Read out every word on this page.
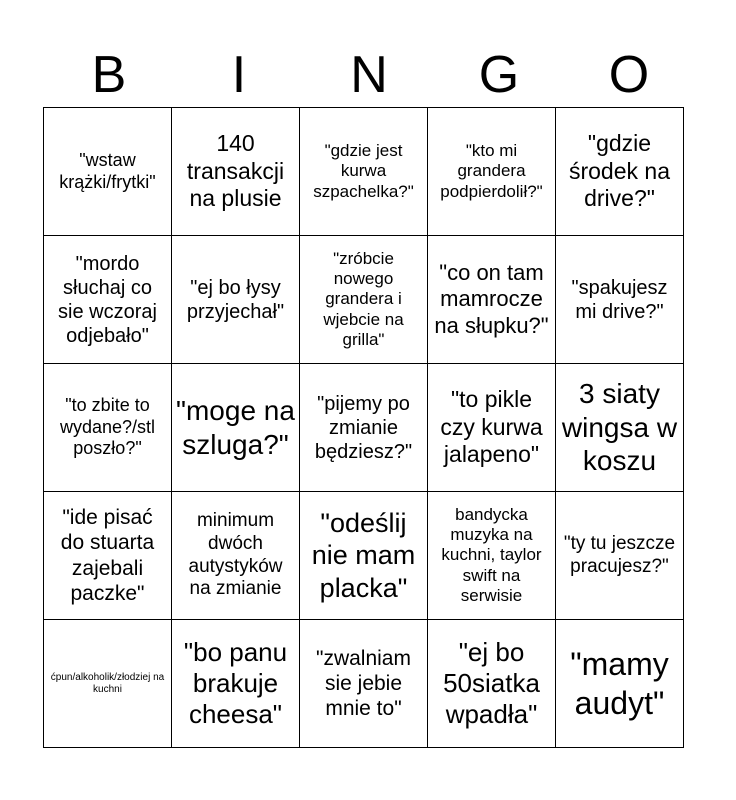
B	I	N	G	O
"wstaw krążki/frytki"	140 transakcji na plusie	"gdzie jest kurwa szpachelka?"	"kto mi grandera podpierdolił?"	"gdzie środek na drive?"
"mordo słuchaj co sie wczoraj odjebało"	"ej bo łysy przyjechał"	"zróbcie nowego grandera i wjebcie na grilla"	"co on tam mamrocze na słupku?"	"spakujesz mi drive?"
"to zbite to wydane?/stl poszło?"	"moge na szluga?"	"pijemy po zmianie będziesz?"	"to pikle czy kurwa jalapeno"	3 siaty wingsa w koszu
"ide pisać do stuarta zajebali paczke"	minimum dwóch autystyków na zmianie	"odeślij nie mam placka"	bandycka muzyka na kuchni, taylor swift na serwisie	"ty tu jeszcze pracujesz?"
ćpun/alkoholik/złodziej na kuchni	"bo panu brakuje cheesa"	"zwalniam sie jebie mnie to"	"ej bo 50siatka wpadła"	"mamy audyt"
